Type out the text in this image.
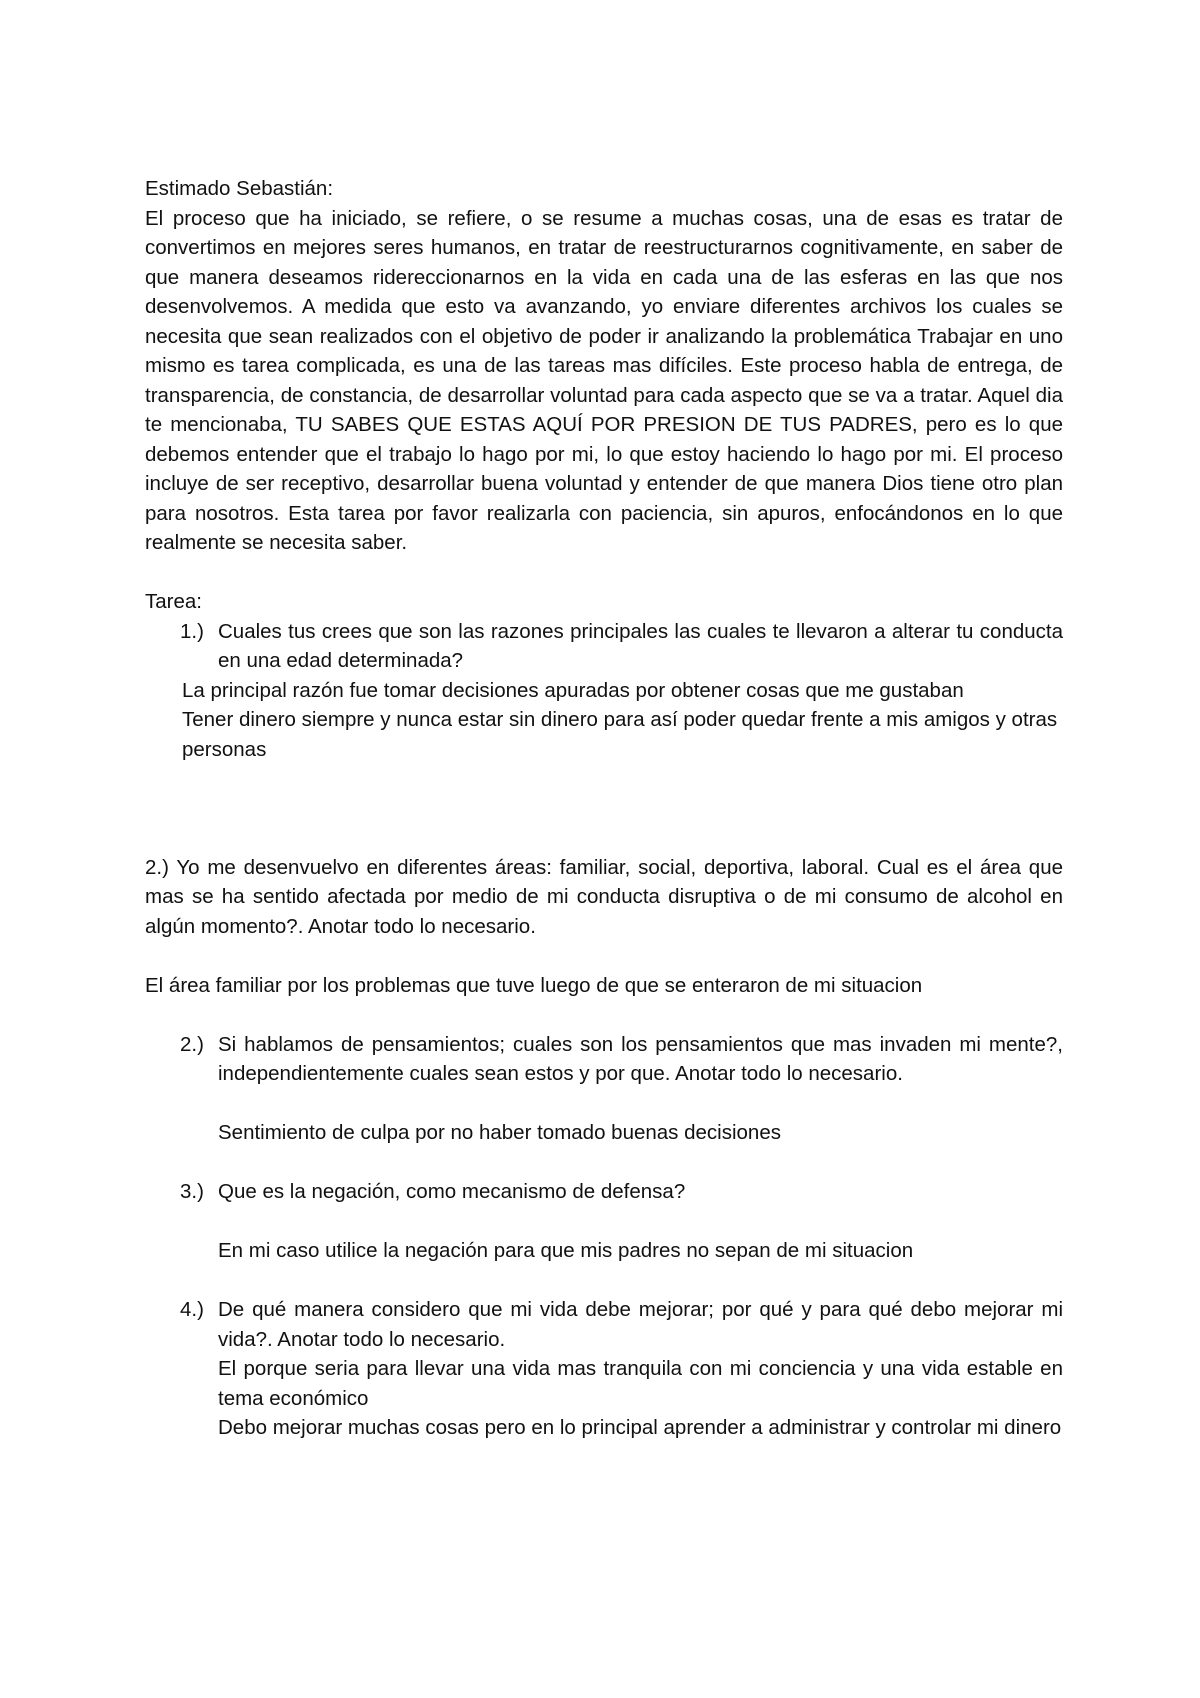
Estimado Sebastián:

El proceso que ha iniciado, se refiere, o se resume a muchas cosas, una de esas es tratar de convertimos en mejores seres humanos, en tratar de reestructurarnos cognitivamente, en saber de que manera deseamos ridereccionarnos en la vida en cada una de las esferas en las que nos desenvolvemos. A medida que esto va avanzando, yo enviare diferentes archivos los cuales se necesita que sean realizados con el objetivo de poder ir analizando la problemática Trabajar en uno mismo es tarea complicada, es una de las tareas mas difíciles. Este proceso habla de entrega, de transparencia, de constancia, de desarrollar voluntad para cada aspecto que se va a tratar. Aquel dia te mencionaba, TU SABES QUE ESTAS AQUÍ POR PRESION DE TUS PADRES, pero es lo que debemos entender que el trabajo lo hago por mi, lo que estoy haciendo lo hago por mi. El proceso incluye de ser receptivo, desarrollar buena voluntad y entender de que manera Dios tiene otro plan para nosotros. Esta tarea por favor realizarla con paciencia, sin apuros, enfocándonos en lo que realmente se necesita saber.

Tarea:

1.) Cuales tus crees que son las razones principales las cuales te llevaron a alterar tu conducta en una edad determinada?

La principal razón fue tomar decisiones apuradas por obtener cosas que me gustaban

Tener dinero siempre y nunca estar sin dinero para así poder quedar frente a mis amigos y otras personas

2.) Yo me desenvuelvo en diferentes áreas: familiar, social, deportiva, laboral. Cual es el área que mas se ha sentido afectada por medio de mi conducta disruptiva o de mi consumo de alcohol en algún momento?. Anotar todo lo necesario.

El área familiar por los problemas que tuve luego de que se enteraron de mi situacion

2.) Si hablamos de pensamientos; cuales son los pensamientos que mas invaden mi mente?, independientemente cuales sean estos y por que. Anotar todo lo necesario.

Sentimiento de culpa por no haber tomado buenas decisiones

3.) Que es la negación, como mecanismo de defensa?

En mi caso utilice la negación para que mis padres no sepan de mi situacion

4.) De qué manera considero que mi vida debe mejorar; por qué y para qué debo mejorar mi vida?. Anotar todo lo necesario.

El porque seria para llevar una vida mas tranquila con mi conciencia y una vida estable en tema económico

Debo mejorar muchas cosas pero en lo principal aprender a administrar y controlar mi dinero
